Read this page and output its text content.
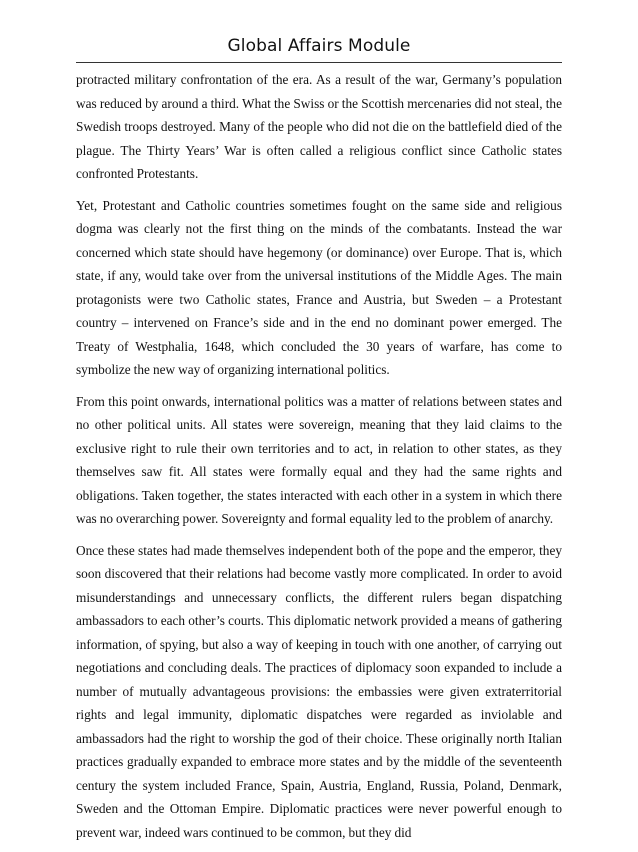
Global Affairs Module

protracted military confrontation of the era. As a result of the war, Germany’s population was reduced by around a third. What the Swiss or the Scottish mercenaries did not steal, the Swedish troops destroyed. Many of the people who did not die on the battlefield died of the plague. The Thirty Years’ War is often called a religious conflict since Catholic states confronted Protestants.

Yet, Protestant and Catholic countries sometimes fought on the same side and religious dogma was clearly not the first thing on the minds of the combatants. Instead the war concerned which state should have hegemony (or dominance) over Europe. That is, which state, if any, would take over from the universal institutions of the Middle Ages. The main protagonists were two Catholic states, France and Austria, but Sweden – a Protestant country – intervened on France’s side and in the end no dominant power emerged. The Treaty of Westphalia, 1648, which concluded the 30 years of warfare, has come to symbolize the new way of organizing international politics.

From this point onwards, international politics was a matter of relations between states and no other political units. All states were sovereign, meaning that they laid claims to the exclusive right to rule their own territories and to act, in relation to other states, as they themselves saw fit. All states were formally equal and they had the same rights and obligations. Taken together, the states interacted with each other in a system in which there was no overarching power. Sovereignty and formal equality led to the problem of anarchy.

Once these states had made themselves independent both of the pope and the emperor, they soon discovered that their relations had become vastly more complicated. In order to avoid misunderstandings and unnecessary conflicts, the different rulers began dispatching ambassadors to each other’s courts. This diplomatic network provided a means of gathering information, of spying, but also a way of keeping in touch with one another, of carrying out negotiations and concluding deals. The practices of diplomacy soon expanded to include a number of mutually advantageous provisions: the embassies were given extraterritorial rights and legal immunity, diplomatic dispatches were regarded as inviolable and ambassadors had the right to worship the god of their choice. These originally north Italian practices gradually expanded to embrace more states and by the middle of the seventeenth century the system included France, Spain, Austria, England, Russia, Poland, Denmark, Sweden and the Ottoman Empire. Diplomatic practices were never powerful enough to prevent war, indeed wars continued to be common, but they did
